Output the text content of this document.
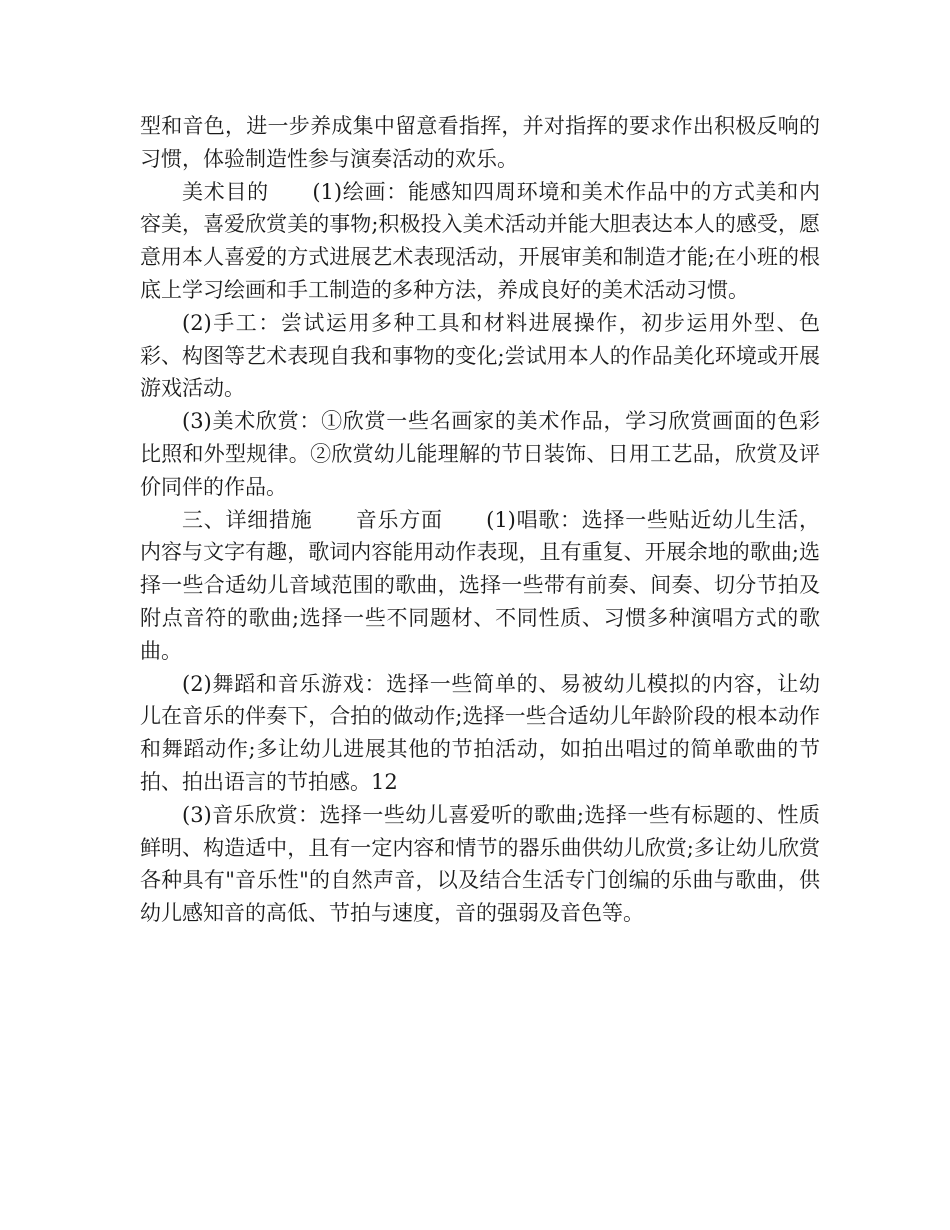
型和音色，进一步养成集中留意看指挥，并对指挥的要求作出积极反响的习惯，体验制造性参与演奏活动的欢乐。

美术目的　　(1)绘画：能感知四周环境和美术作品中的方式美和内容美，喜爱欣赏美的事物;积极投入美术活动并能大胆表达本人的感受，愿意用本人喜爱的方式进展艺术表现活动，开展审美和制造才能;在小班的根底上学习绘画和手工制造的多种方法，养成良好的美术活动习惯。

(2)手工：尝试运用多种工具和材料进展操作，初步运用外型、色彩、构图等艺术表现自我和事物的变化;尝试用本人的作品美化环境或开展游戏活动。

(3)美术欣赏：①欣赏一些名画家的美术作品，学习欣赏画面的色彩比照和外型规律。②欣赏幼儿能理解的节日装饰、日用工艺品，欣赏及评价同伴的作品。

三、详细措施　　音乐方面　　(1)唱歌：选择一些贴近幼儿生活，内容与文字有趣，歌词内容能用动作表现，且有重复、开展余地的歌曲;选择一些合适幼儿音域范围的歌曲，选择一些带有前奏、间奏、切分节拍及附点音符的歌曲;选择一些不同题材、不同性质、习惯多种演唱方式的歌曲。

(2)舞蹈和音乐游戏：选择一些简单的、易被幼儿模拟的内容，让幼儿在音乐的伴奏下，合拍的做动作;选择一些合适幼儿年龄阶段的根本动作和舞蹈动作;多让幼儿进展其他的节拍活动，如拍出唱过的简单歌曲的节拍、拍出语言的节拍感。12

(3)音乐欣赏：选择一些幼儿喜爱听的歌曲;选择一些有标题的、性质鲜明、构造适中，且有一定内容和情节的器乐曲供幼儿欣赏;多让幼儿欣赏各种具有"音乐性"的自然声音，以及结合生活专门创编的乐曲与歌曲，供幼儿感知音的高低、节拍与速度，音的强弱及音色等。
